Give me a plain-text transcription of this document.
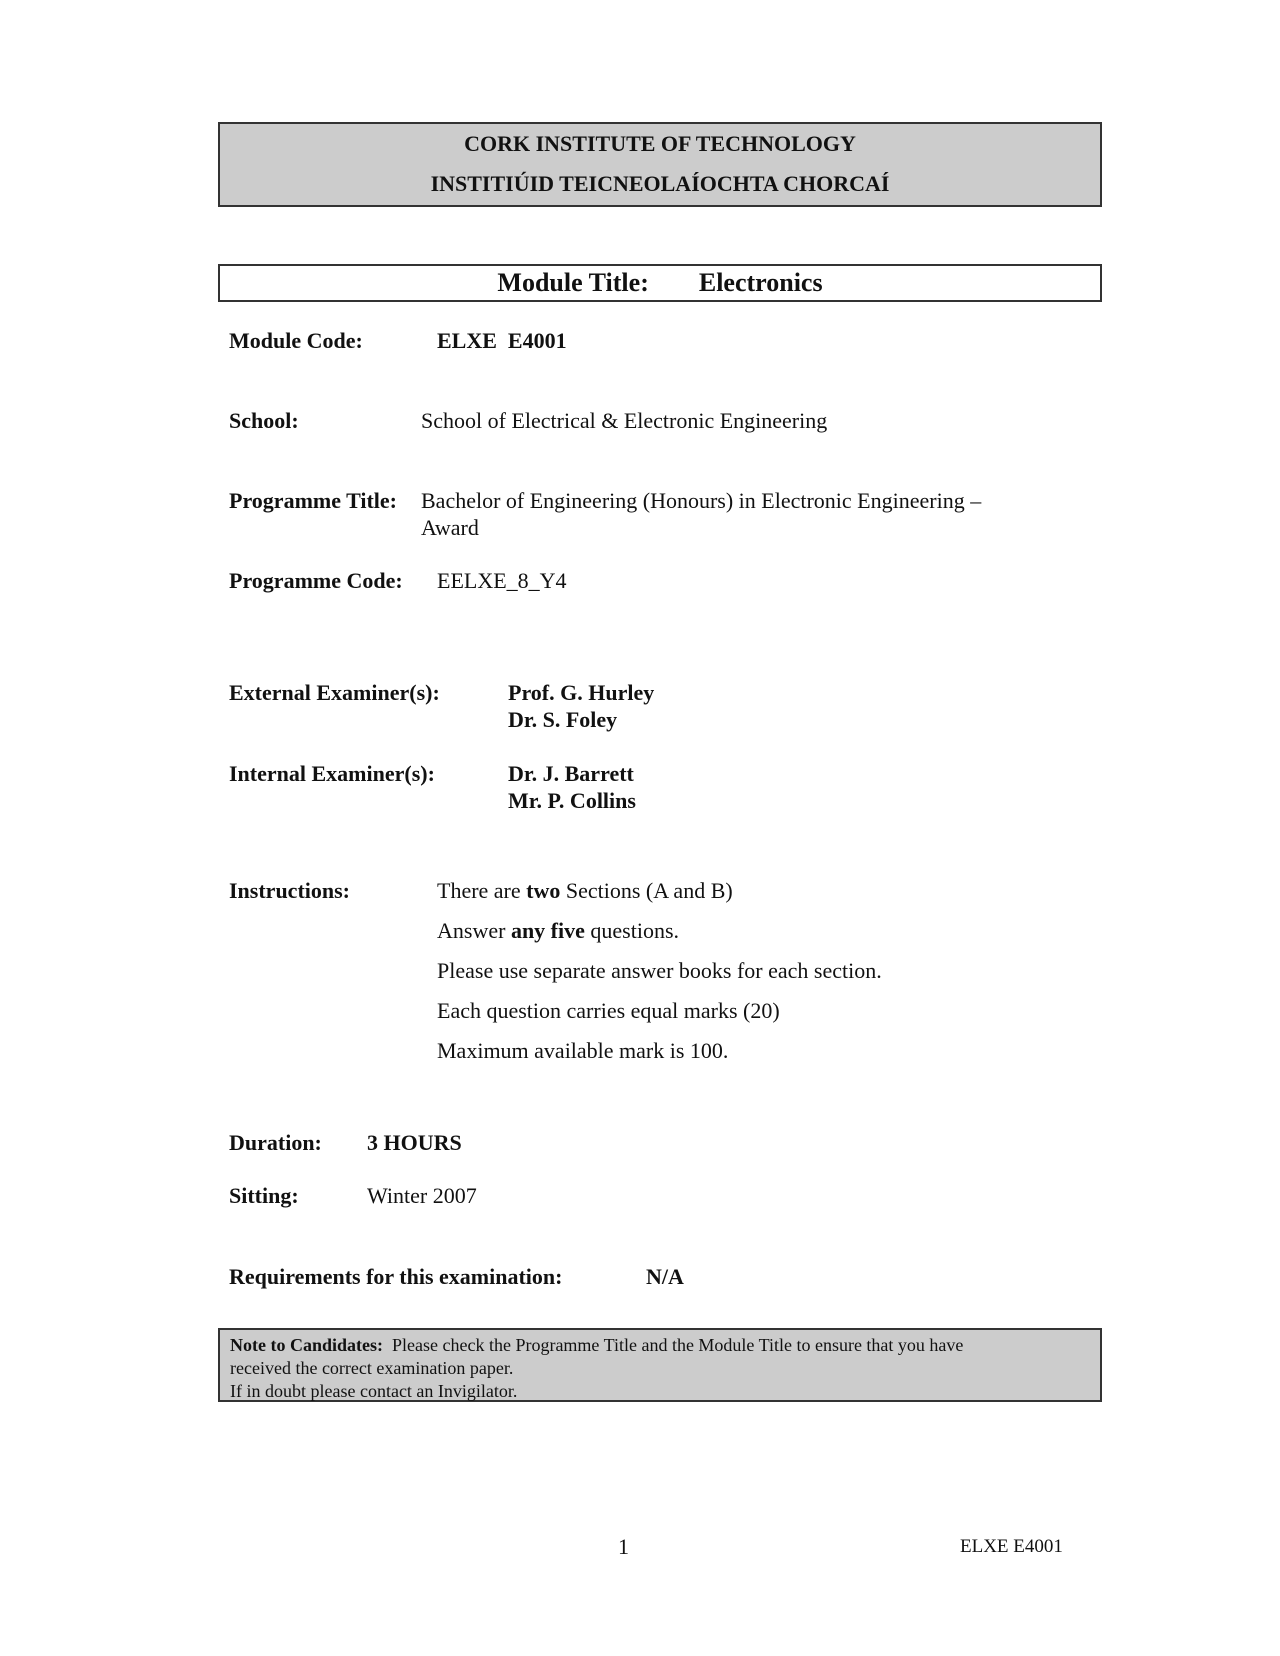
CORK INSTITUTE OF TECHNOLOGY
INSTITIÚID TEICNEOLAÍOCHTA CHORCAÍ
Module Title: Electronics
Module Code:	ELXE  E4001
School:	School of Electrical & Electronic Engineering
Programme Title: Bachelor of Engineering (Honours) in Electronic Engineering –
Award
Programme Code: EELXE_8_Y4
External Examiner(s):	Prof. G. Hurley
Dr. S. Foley
Internal Examiner(s):	Dr. J. Barrett
Mr. P. Collins
Instructions:	There are two Sections (A and B)
Answer any five questions.
Please use separate answer books for each section.
Each question carries equal marks (20)
Maximum available mark is 100.
Duration: 3 HOURS
Sitting:	Winter 2007
Requirements for this examination:	N/A
Note to Candidates: Please check the Programme Title and the Module Title to ensure that you have
received the correct examination paper.
If in doubt please contact an Invigilator.
1	ELXE E4001
